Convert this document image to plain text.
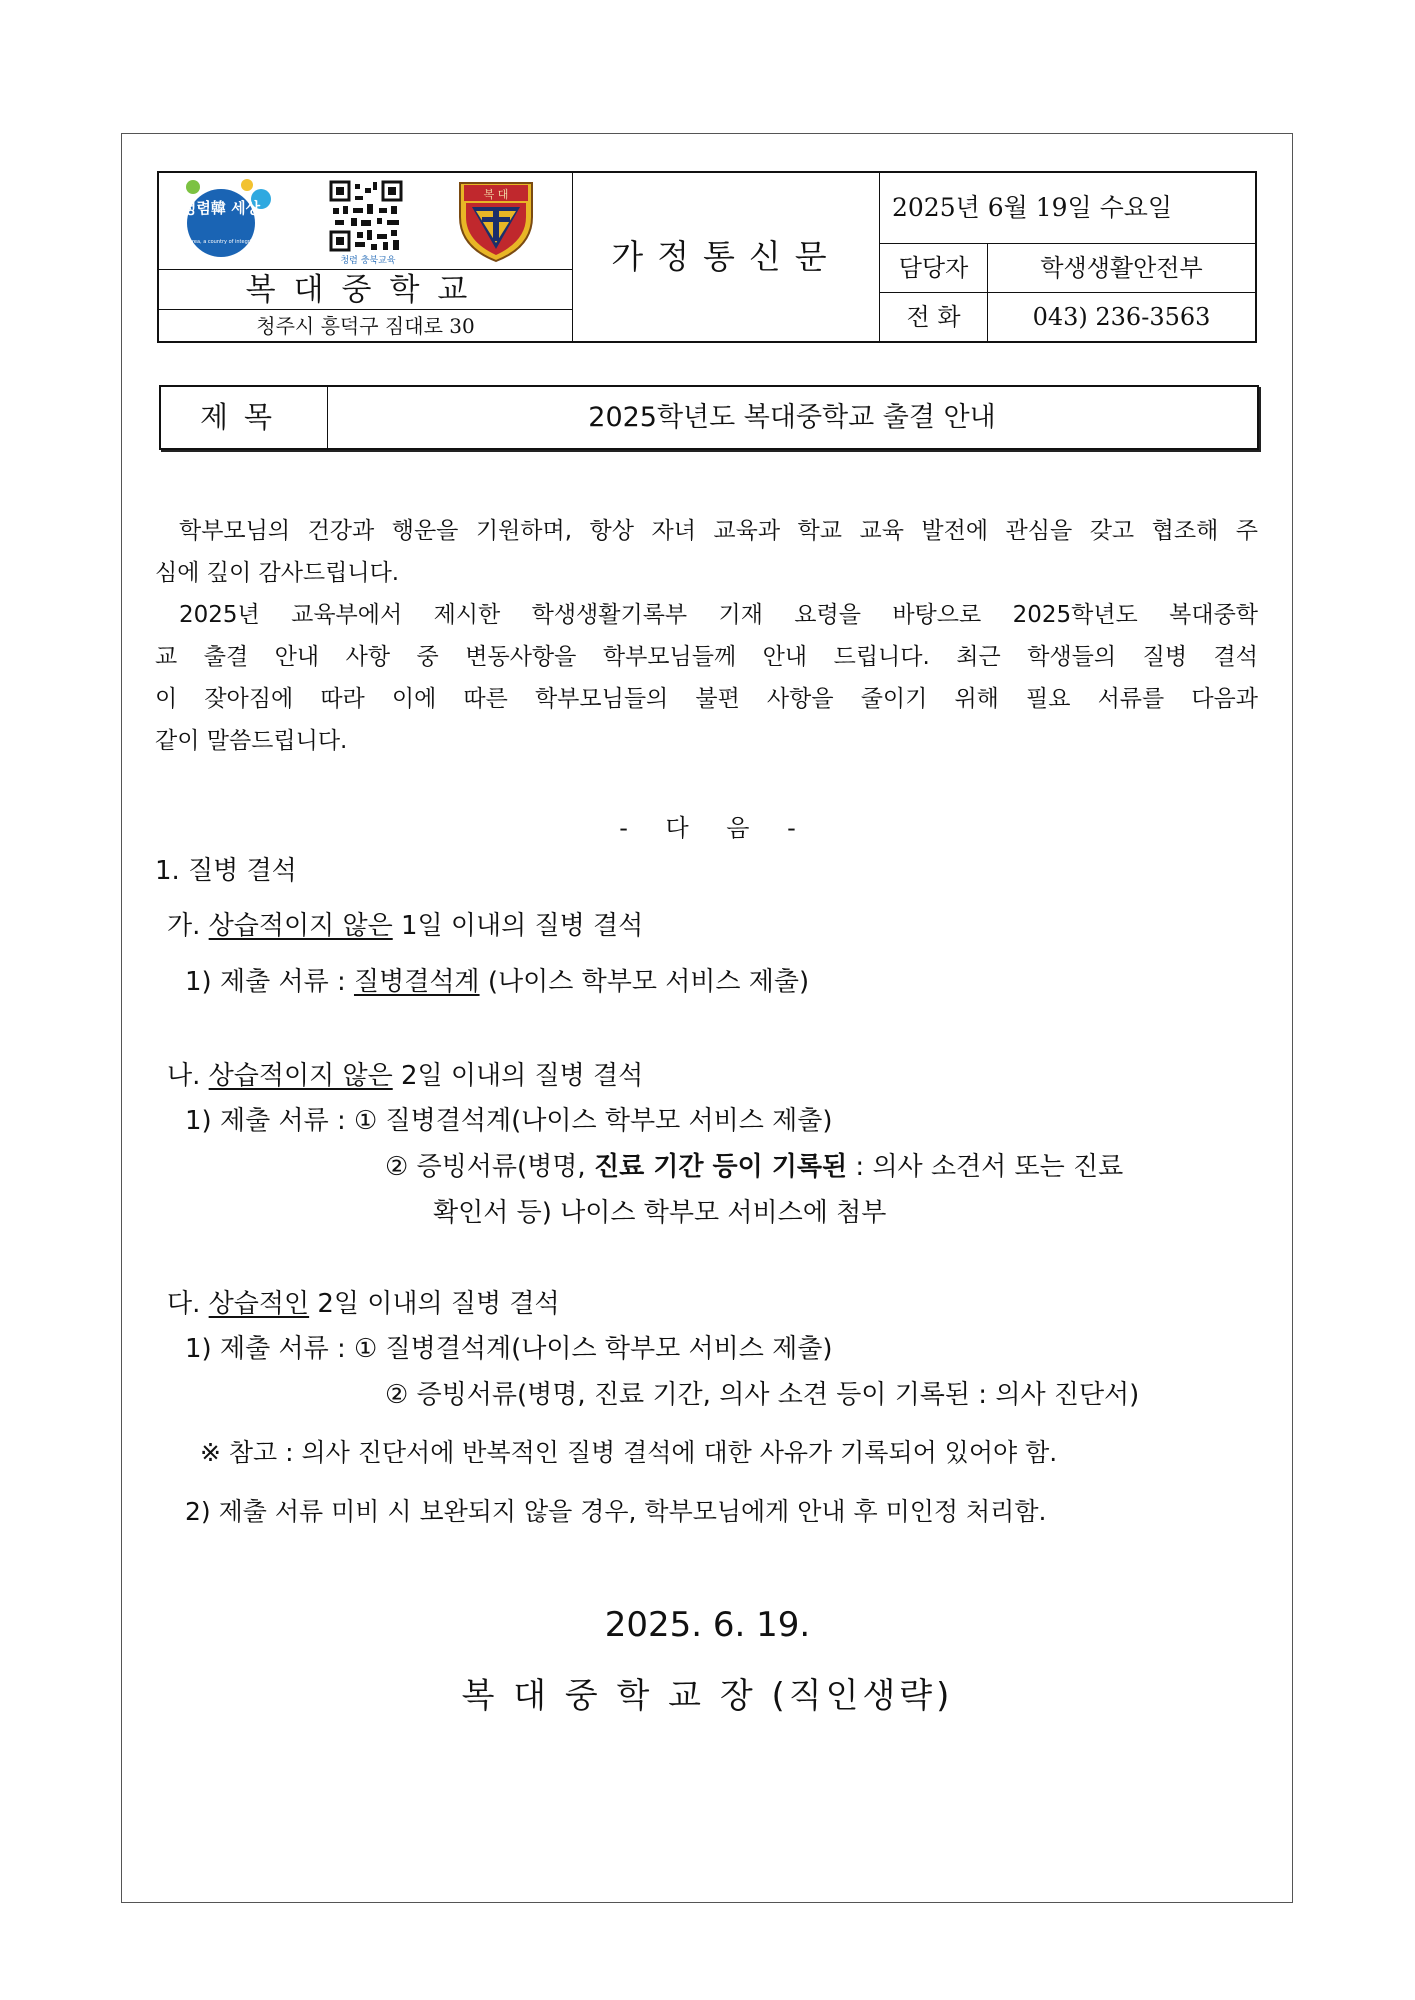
청렴韓 세상
Korea, a country of integrity
청렴 충북교육
복 대
복대중학교
청주시 흥덕구 짐대로 30
가정통신문
2025년 6월 19일 수요일
담당자	학생생활안전부
전 화	043) 236-3563
제목	2025학년도 복대중학교 출결 안내
학부모님의 건강과 행운을 기원하며, 항상 자녀 교육과 학교 교육 발전에 관심을 갖고 협조해 주
심에 깊이 감사드립니다.
2025년 교육부에서 제시한 학생생활기록부 기재 요령을 바탕으로 2025학년도 복대중학
교 출결 안내 사항 중 변동사항을 학부모님들께 안내 드립니다. 최근 학생들의 질병 결석
이 잦아짐에 따라 이에 따른 학부모님들의 불편 사항을 줄이기 위해 필요 서류를 다음과
같이 말씀드립니다.
- 다 음 -
1. 질병 결석
가. 상습적이지 않은 1일 이내의 질병 결석
1) 제출 서류 : 질병결석계 (나이스 학부모 서비스 제출)
나. 상습적이지 않은 2일 이내의 질병 결석
1) 제출 서류 : ① 질병결석계(나이스 학부모 서비스 제출)
② 증빙서류(병명, 진료 기간 등이 기록된 : 의사 소견서 또는 진료
확인서 등) 나이스 학부모 서비스에 첨부
다. 상습적인 2일 이내의 질병 결석
1) 제출 서류 : ① 질병결석계(나이스 학부모 서비스 제출)
② 증빙서류(병명, 진료 기간, 의사 소견 등이 기록된 : 의사 진단서)
※ 참고 : 의사 진단서에 반복적인 질병 결석에 대한 사유가 기록되어 있어야 함.
2) 제출 서류 미비 시 보완되지 않을 경우, 학부모님에게 안내 후 미인정 처리함.
2025. 6. 19.
복 대 중 학 교 장 (직인생략)
